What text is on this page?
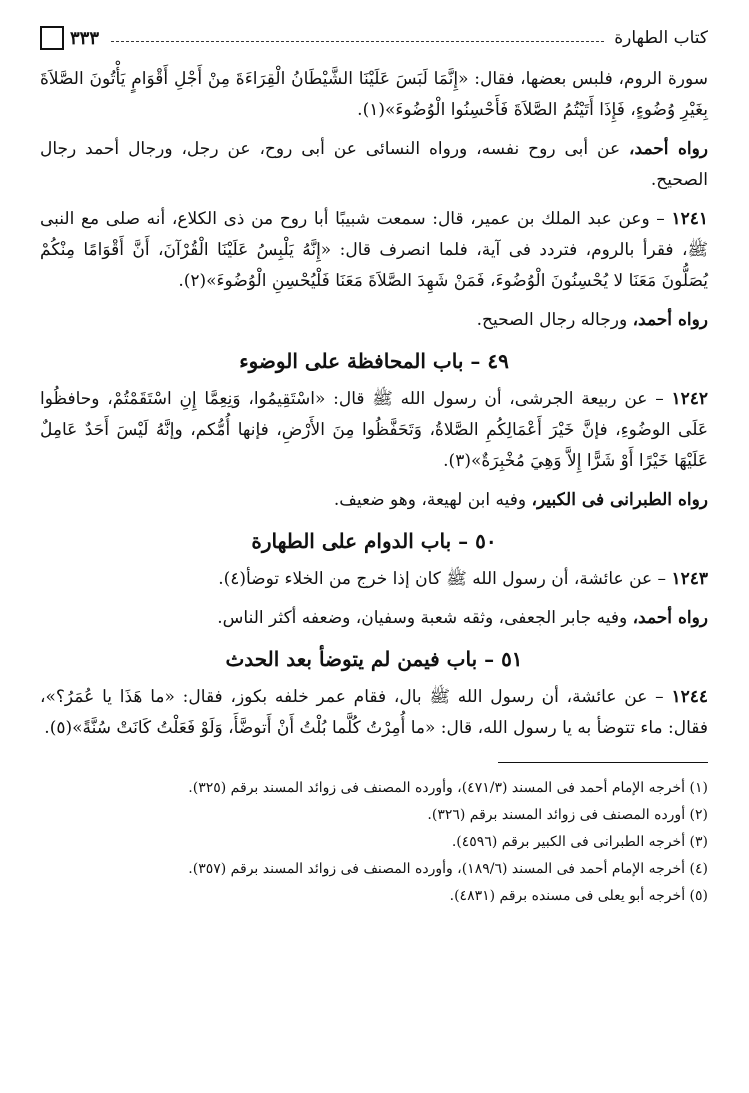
كتاب الطهارة
٣٣٣

سورة الروم، فلبس بعضها، فقال: «إِنَّمَا لَبَسَ عَلَيْنَا الشَّيْطَانُ الْقِرَاءَةَ مِنْ أَجْلِ أَقْوَامٍ يَأْتُونَ الصَّلاَةَ بِغَيْرِ وُضُوءٍ، فَإِذَا أَتَيْتُمُ الصَّلاَةَ فَأَحْسِنُوا الْوُضُوءَ»(١).

رواه أحمد، عن أبى روح نفسه، ورواه النسائى عن أبى روح، عن رجل، ورجال أحمد رجال الصحيح.

١٢٤١ – وعن عبد الملك بن عمير، قال: سمعت شبيبًا أبا روح من ذى الكلاع، أنه صلى مع النبى ﷺ، فقرأ بالروم، فتردد فى آية، فلما انصرف قال: «إِنَّهُ يَلْبِسُ عَلَيْنَا الْقُرْآنَ، أَنَّ أَقْوَامًا مِنْكُمْ يُصَلُّونَ مَعَنَا لا يُحْسِنُونَ الْوُضُوءَ، فَمَنْ شَهِدَ الصَّلاَةَ مَعَنَا فَلْيُحْسِنِ الْوُضُوءَ»(٢).

رواه أحمد، ورجاله رجال الصحيح.

٤٩ – باب المحافظة على الوضوء

١٢٤٢ – عن ربيعة الجرشى، أن رسول الله ﷺ قال: «اسْتَقِيمُوا، وَنِعِمَّا إِنِ اسْتَقَمْتُمْ، وحافظُوا عَلَى الوضُوءِ، فإنَّ خَيْرَ أَعْمَالِكُمِ الصَّلاةُ، وَتَحَفَّظُوا مِنَ الأَرْضِ، فإنها أُمُّكم، وإنَّهُ لَيْسَ أَحَدٌ عَامِلٌ عَلَيْهَا خَيْرًا أَوْ شَرًّا إِلاَّ وَهِيَ مُخْبِرَةٌ»(٣).

رواه الطبرانى فى الكبير، وفيه ابن لهيعة، وهو ضعيف.

٥٠ – باب الدوام على الطهارة

١٢٤٣ – عن عائشة، أن رسول الله ﷺ كان إذا خرج من الخلاء توضأ(٤).

رواه أحمد، وفيه جابر الجعفى، وثقه شعبة وسفيان، وضعفه أكثر الناس.

٥١ – باب فيمن لم يتوضأ بعد الحدث

١٢٤٤ – عن عائشة، أن رسول الله ﷺ بال، فقام عمر خلفه بكوز، فقال: «ما هَذَا يا عُمَرُ؟»، فقال: ماء تتوضأ به يا رسول الله، قال: «ما أُمِرْتُ كُلَّما بُلْتُ أَنْ أَتوضَّأَ، وَلَوْ فَعَلْتُ كَانَتْ سُنَّةً»(٥).

(١) أخرجه الإمام أحمد فى المسند (٤٧١/٣)، وأورده المصنف فى زوائد المسند برقم (٣٢٥).
(٢) أورده المصنف فى زوائد المسند برقم (٣٢٦).
(٣) أخرجه الطبرانى فى الكبير برقم (٤٥٩٦).
(٤) أخرجه الإمام أحمد فى المسند (١٨٩/٦)، وأورده المصنف فى زوائد المسند برقم (٣٥٧).
(٥) أخرجه أبو يعلى فى مسنده برقم (٤٨٣١).
